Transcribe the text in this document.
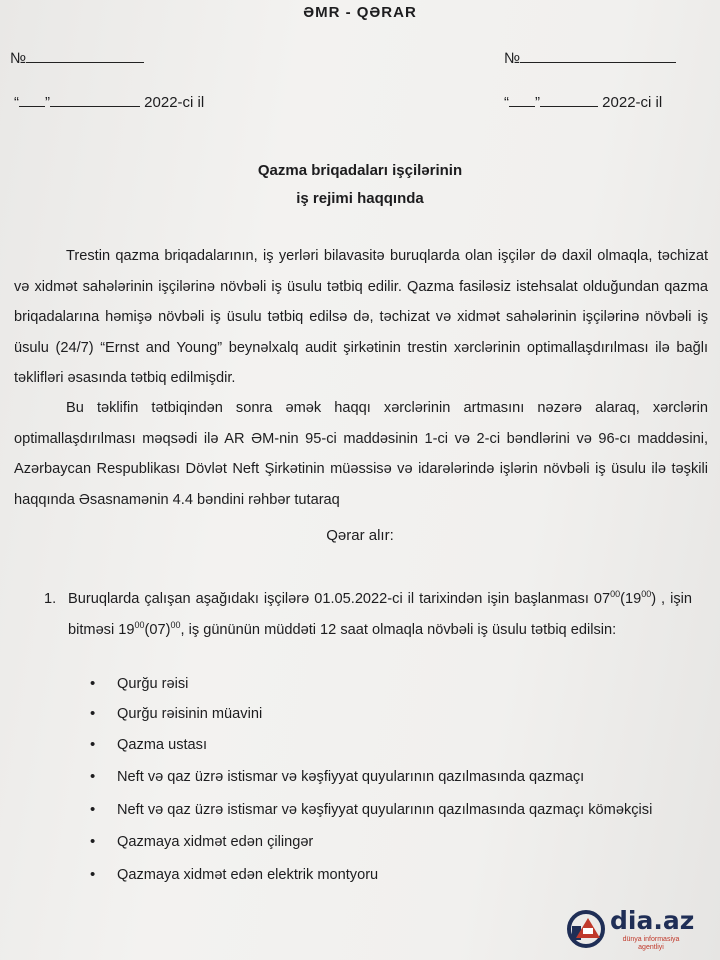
ƏMR - QƏRAR
№
“ ”	2022-ci il
№
“ ”	2022-ci il
Qazma briqadaları işçilərinin
iş rejimi haqqında

Trestin qazma briqadalarının, iş yerləri bilavasitə buruqlarda olan işçilər də daxil olmaqla, təchizat və xidmət sahələrinin işçilərinə növbəli iş üsulu tətbiq edilir. Qazma fasiləsiz istehsalat olduğundan qazma briqadalarına həmişə növbəli iş üsulu tətbiq edilsə də, təchizat və xidmət sahələrinin işçilərinə növbəli iş üsulu (24/7) “Ernst and Young” beynəlxalq audit şirkətinin trestin xərclərinin optimallaşdırılması ilə bağlı təklifləri əsasında tətbiq edilmişdir.

Bu təklifin tətbiqindən sonra əmək haqqı xərclərinin artmasını nəzərə alaraq, xərclərin optimallaşdırılması məqsədi ilə AR ƏM-nin 95-ci maddəsinin 1-ci və 2-ci bəndlərini və 96-cı maddəsini, Azərbaycan Respublikası Dövlət Neft Şirkətinin müəssisə və idarələrində işlərin növbəli iş üsulu ilə təşkili haqqında Əsasnamənin 4.4 bəndini rəhbər tutaraq

Qərar alır:
1. Buruqlarda çalışan aşağıdakı işçilərə 01.05.2022-ci il tarixindən işin başlanması $07^{00}(19^{00})$ , işin bitməsi $19^{00}(07)^{00}$, iş gününün müddəti 12 saat olmaqla növbəli iş üsulu tətbiq edilsin:
• Qurğu rəisi
• Qurğu rəisinin müavini
• Qazma ustası
• Neft və qaz üzrə istismar və kəşfiyyat quyularının qazılmasında qazmaçı
• Neft və qaz üzrə istismar və kəşfiyyat quyularının qazılmasında qazmaçı köməkçisi
• Qazmaya xidmət edən çilingər
• Qazmaya xidmət edən elektrik montyoru
dia.az
dünya informasiya agentliyi
